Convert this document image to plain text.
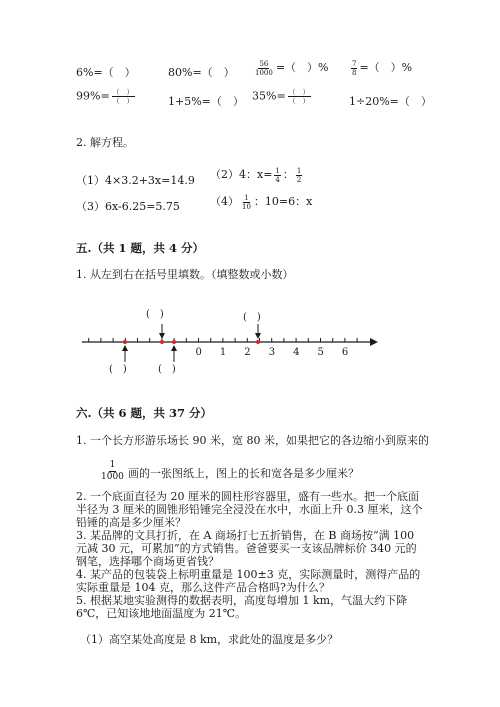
6%=（　）	80%=（　）	$\frac{56}{1000}$ =（　）%	$\frac{7}{8}$ =（　）%
$99\%= \frac{( )}{( )}$	1+5%=（　） $35\%= \frac{( )}{( )}$	1÷20%=（　）
2. 解方程。
（1）4×3.2+3x=14.9 （2）4：$x= \frac{1}{4}$ ： $\frac{1}{2}$
（3）6x-6.25=5.75	$(4) \frac{1}{10}$ ：10=6：x
五.（共 1 题，共 4 分）
1. 从左到右在括号里填数。（填整数或小数）
0 1 2 3 4 5 6
(　)	(　)
(　)	(　)
六.（共 6 题，共 37 分）
1. 一个长方形游乐场长 90 米，宽 80 米，如果把它的各边缩小到原来的
$\frac{1}{1000}$ 画的一张图纸上，图上的长和宽各是多少厘米？
2. 一个底面直径为 20 厘米的圆柱形容器里，盛有一些水。把一个底面半径为 3 厘米的圆锥形铅锤完全浸没在水中，水面上升 0.3 厘米，这个铅锤的高是多少厘米？
3. 某品牌的文具打折，在 A 商场打七五折销售，在 B 商场按“满 100 元减 30 元，可累加”的方式销售。爸爸要买一支该品牌标价 340 元的钢笔，选择哪个商场更省钱？
4. 某产品的包装袋上标明重量是 100±3 克，实际测量时，测得产品的实际重量是 104 克，那么这件产品合格吗?为什么？
5. 根据某地实验测得的数据表明，高度每增加 1 km，气温大约下降 6℃，已知该地地面温度为 21℃。
（1）高空某处高度是 8 km，求此处的温度是多少？
